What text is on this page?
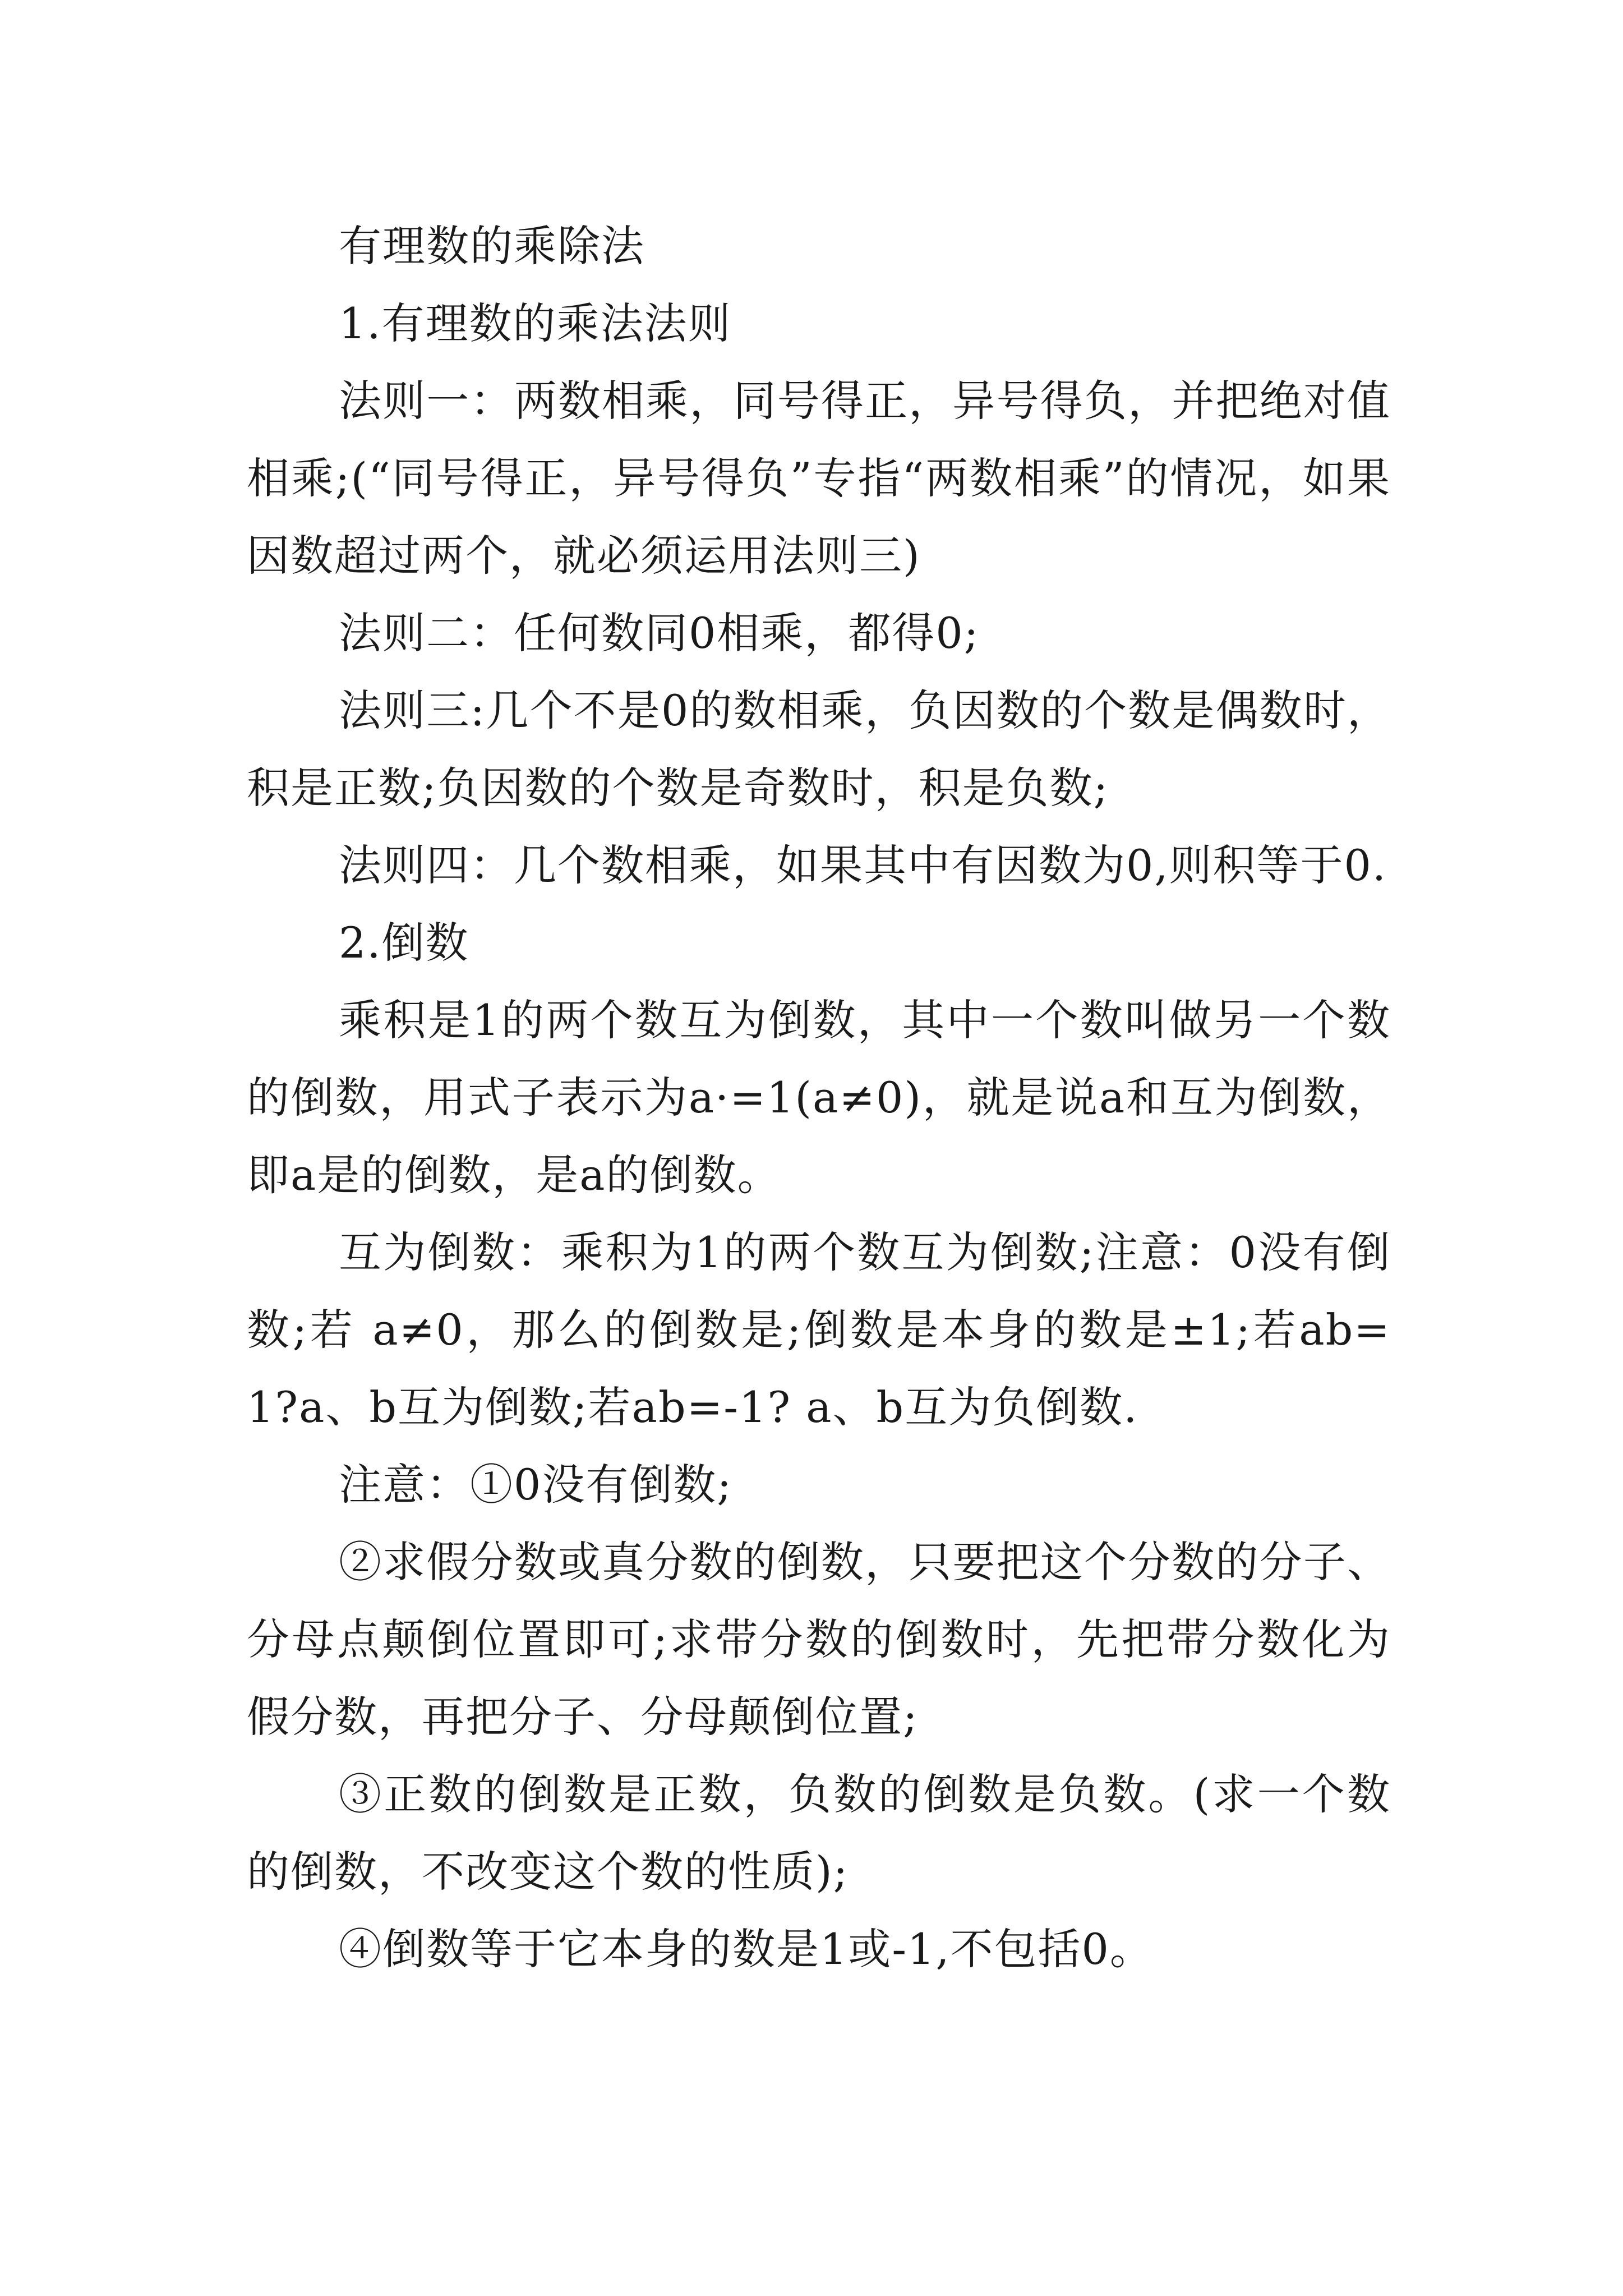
有理数的乘除法

1.有理数的乘法法则

法则一：两数相乘，同号得正，异号得负，并把绝对值相乘;(“同号得正，异号得负”专指“两数相乘”的情况，如果因数超过两个，就必须运用法则三)

法则二：任何数同0相乘，都得0;

法则三:几个不是0的数相乘，负因数的个数是偶数时，积是正数;负因数的个数是奇数时，积是负数;

法则四：几个数相乘，如果其中有因数为0,则积等于0.

2.倒数

乘积是1的两个数互为倒数，其中一个数叫做另一个数的倒数，用式子表示为a·=1(a≠0)，就是说a和互为倒数，即a是的倒数，是a的倒数。

互为倒数：乘积为1的两个数互为倒数;注意：0没有倒数;若 a≠0，那么的倒数是;倒数是本身的数是±1;若ab=1?a、b互为倒数;若ab=-1? a、b互为负倒数.

注意：①0没有倒数;

②求假分数或真分数的倒数，只要把这个分数的分子、分母点颠倒位置即可;求带分数的倒数时，先把带分数化为假分数，再把分子、分母颠倒位置;

③正数的倒数是正数，负数的倒数是负数。(求一个数的倒数，不改变这个数的性质);

④倒数等于它本身的数是1或-1,不包括0。
